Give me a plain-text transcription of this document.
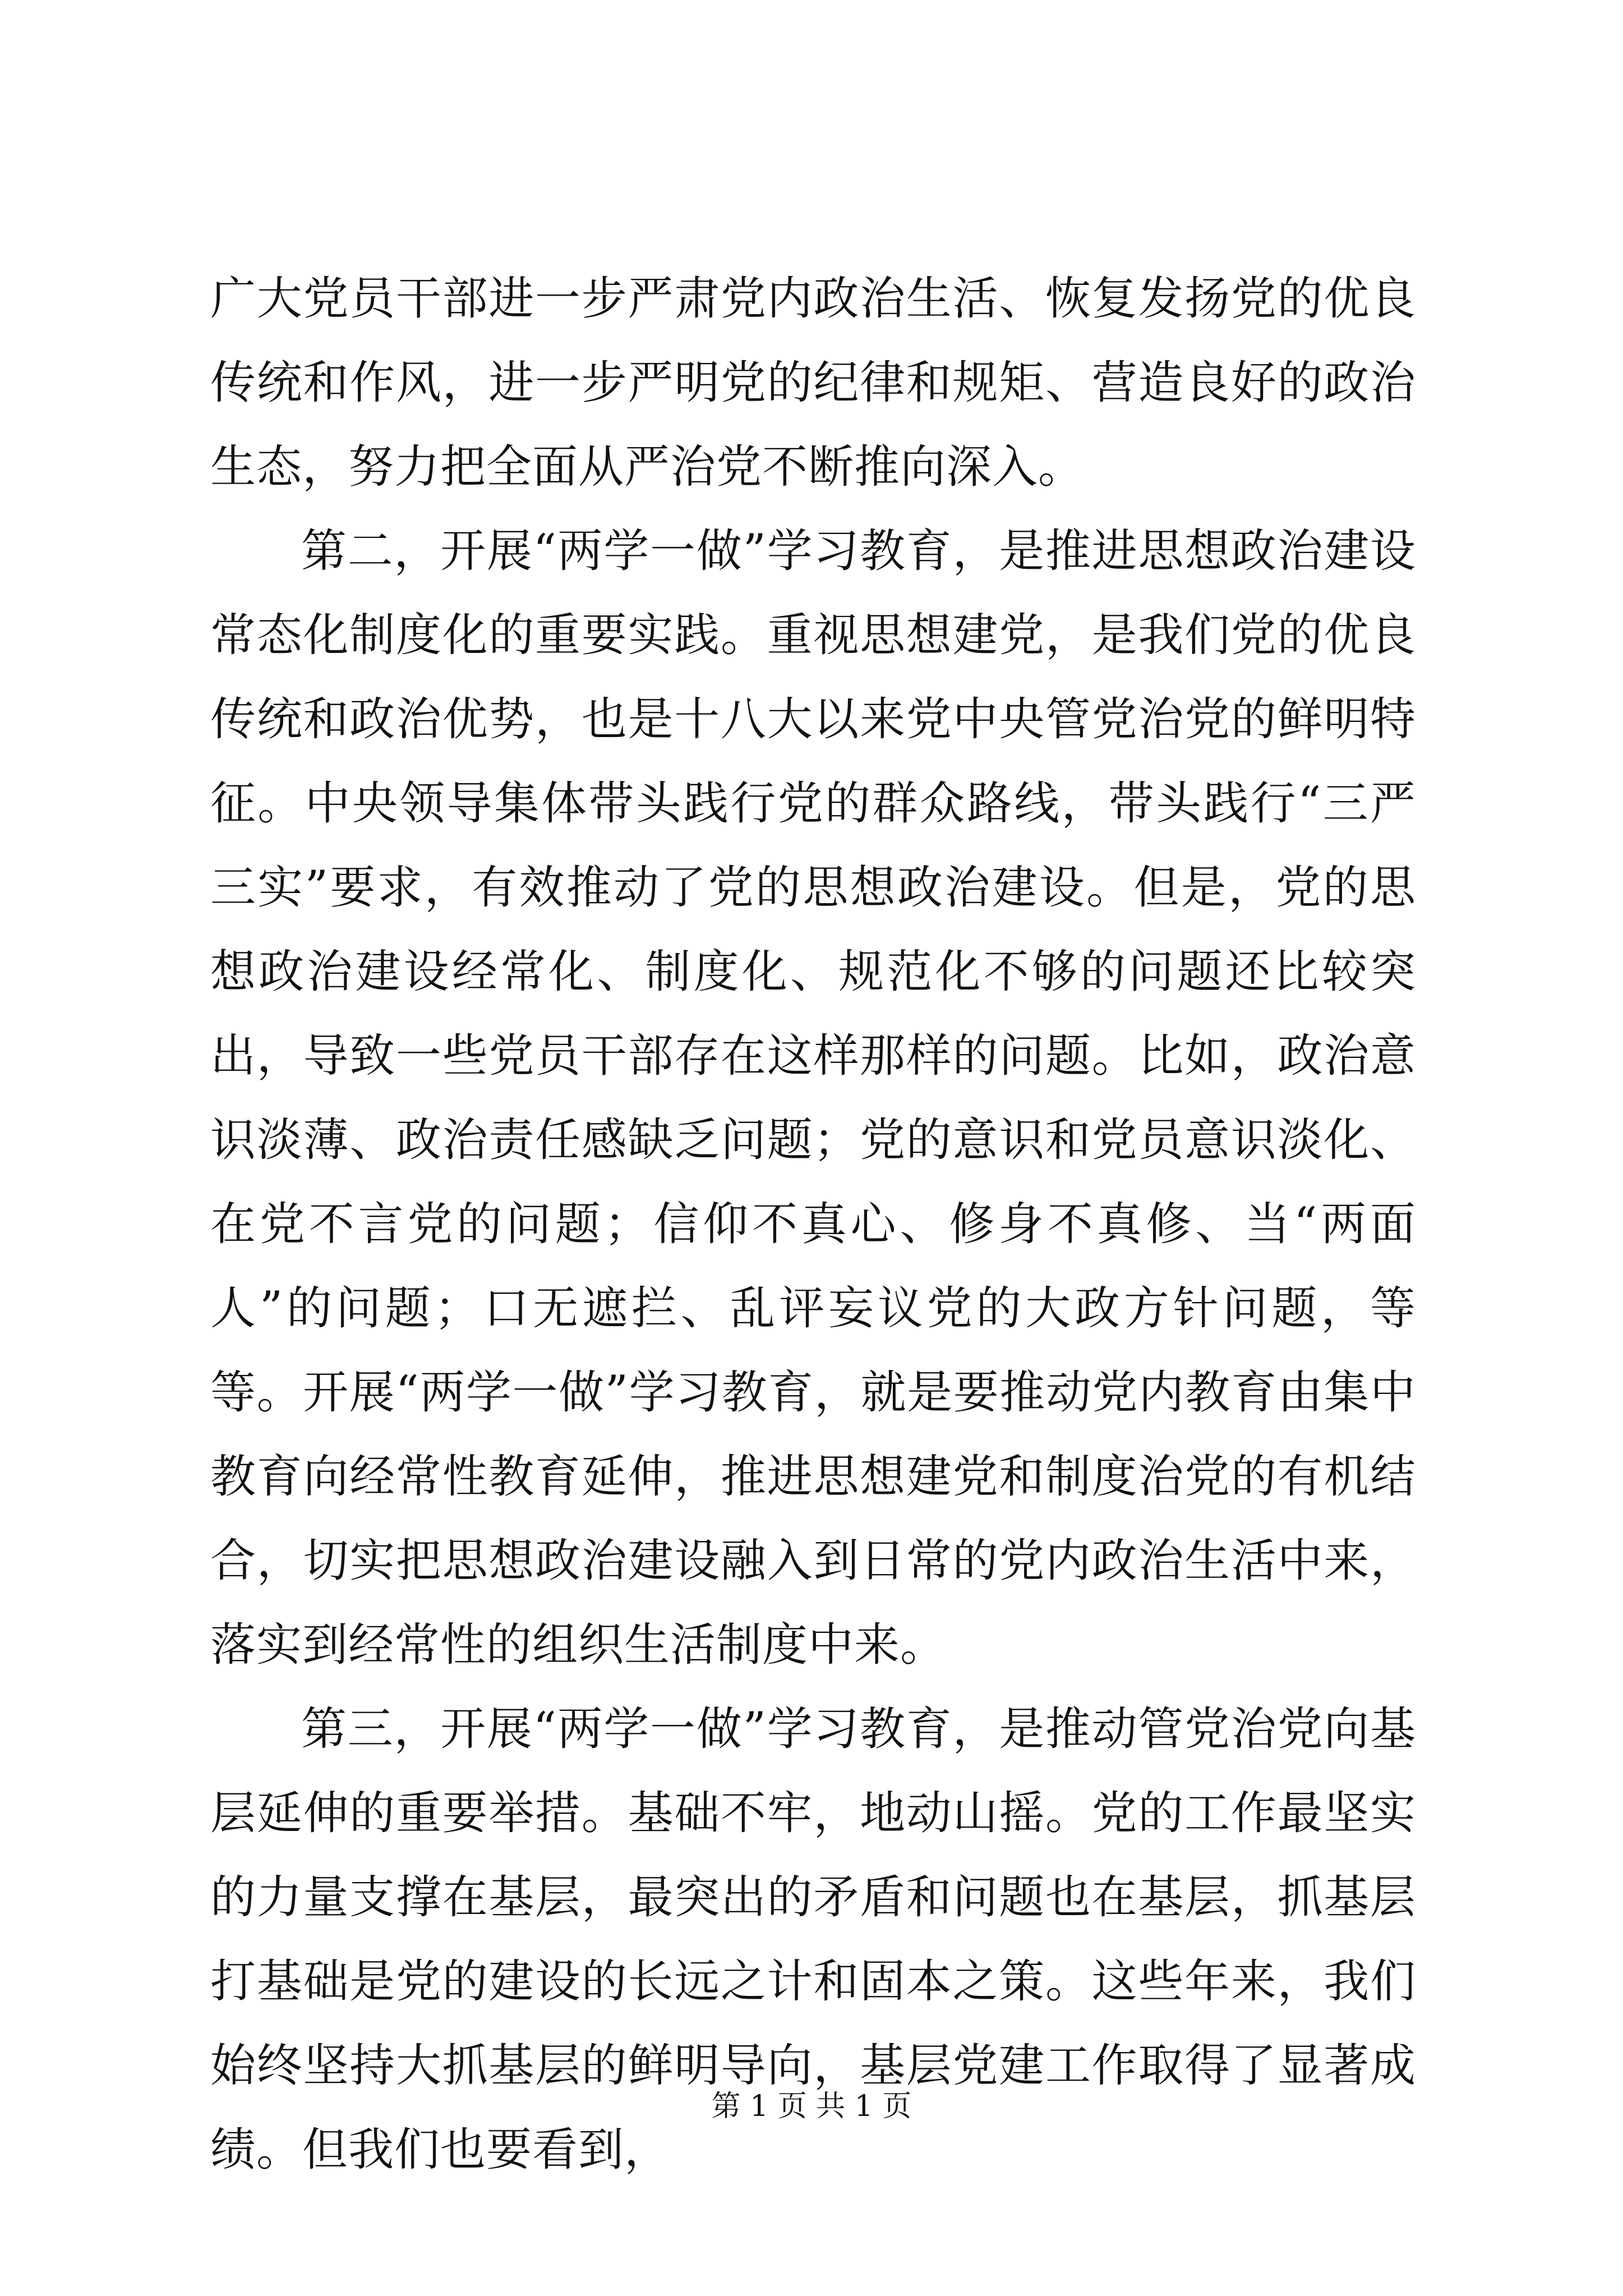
广大党员干部进一步严肃党内政治生活、恢复发扬党的优良传统和作风，进一步严明党的纪律和规矩、营造良好的政治生态，努力把全面从严治党不断推向深入。

第二，开展“两学一做”学习教育，是推进思想政治建设常态化制度化的重要实践。重视思想建党，是我们党的优良传统和政治优势，也是十八大以来党中央管党治党的鲜明特征。中央领导集体带头践行党的群众路线，带头践行“三严三实”要求，有效推动了党的思想政治建设。但是，党的思想政治建设经常化、制度化、规范化不够的问题还比较突出，导致一些党员干部存在这样那样的问题。比如，政治意识淡薄、政治责任感缺乏问题；党的意识和党员意识淡化、在党不言党的问题；信仰不真心、修身不真修、当“两面人”的问题；口无遮拦、乱评妄议党的大政方针问题，等等。开展“两学一做”学习教育，就是要推动党内教育由集中教育向经常性教育延伸，推进思想建党和制度治党的有机结合，切实把思想政治建设融入到日常的党内政治生活中来，落实到经常性的组织生活制度中来。

第三，开展“两学一做”学习教育，是推动管党治党向基层延伸的重要举措。基础不牢，地动山摇。党的工作最坚实的力量支撑在基层，最突出的矛盾和问题也在基层，抓基层打基础是党的建设的长远之计和固本之策。这些年来，我们始终坚持大抓基层的鲜明导向，基层党建工作取得了显著成绩。但我们也要看到，

第 1 页 共 1 页
